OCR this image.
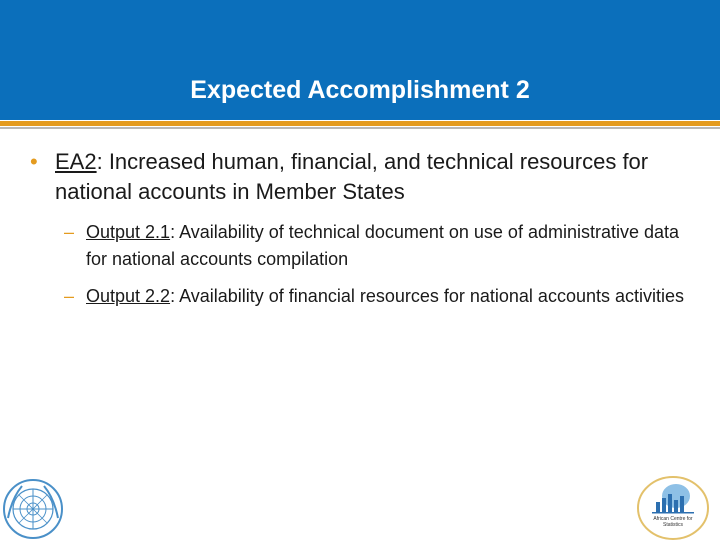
Expected Accomplishment 2
• EA2: Increased human, financial, and technical resources for national accounts in Member States
– Output 2.1: Availability of technical document on use of administrative data for national accounts compilation
– Output 2.2: Availability of financial resources for national accounts activities
African Centre for Statistics
